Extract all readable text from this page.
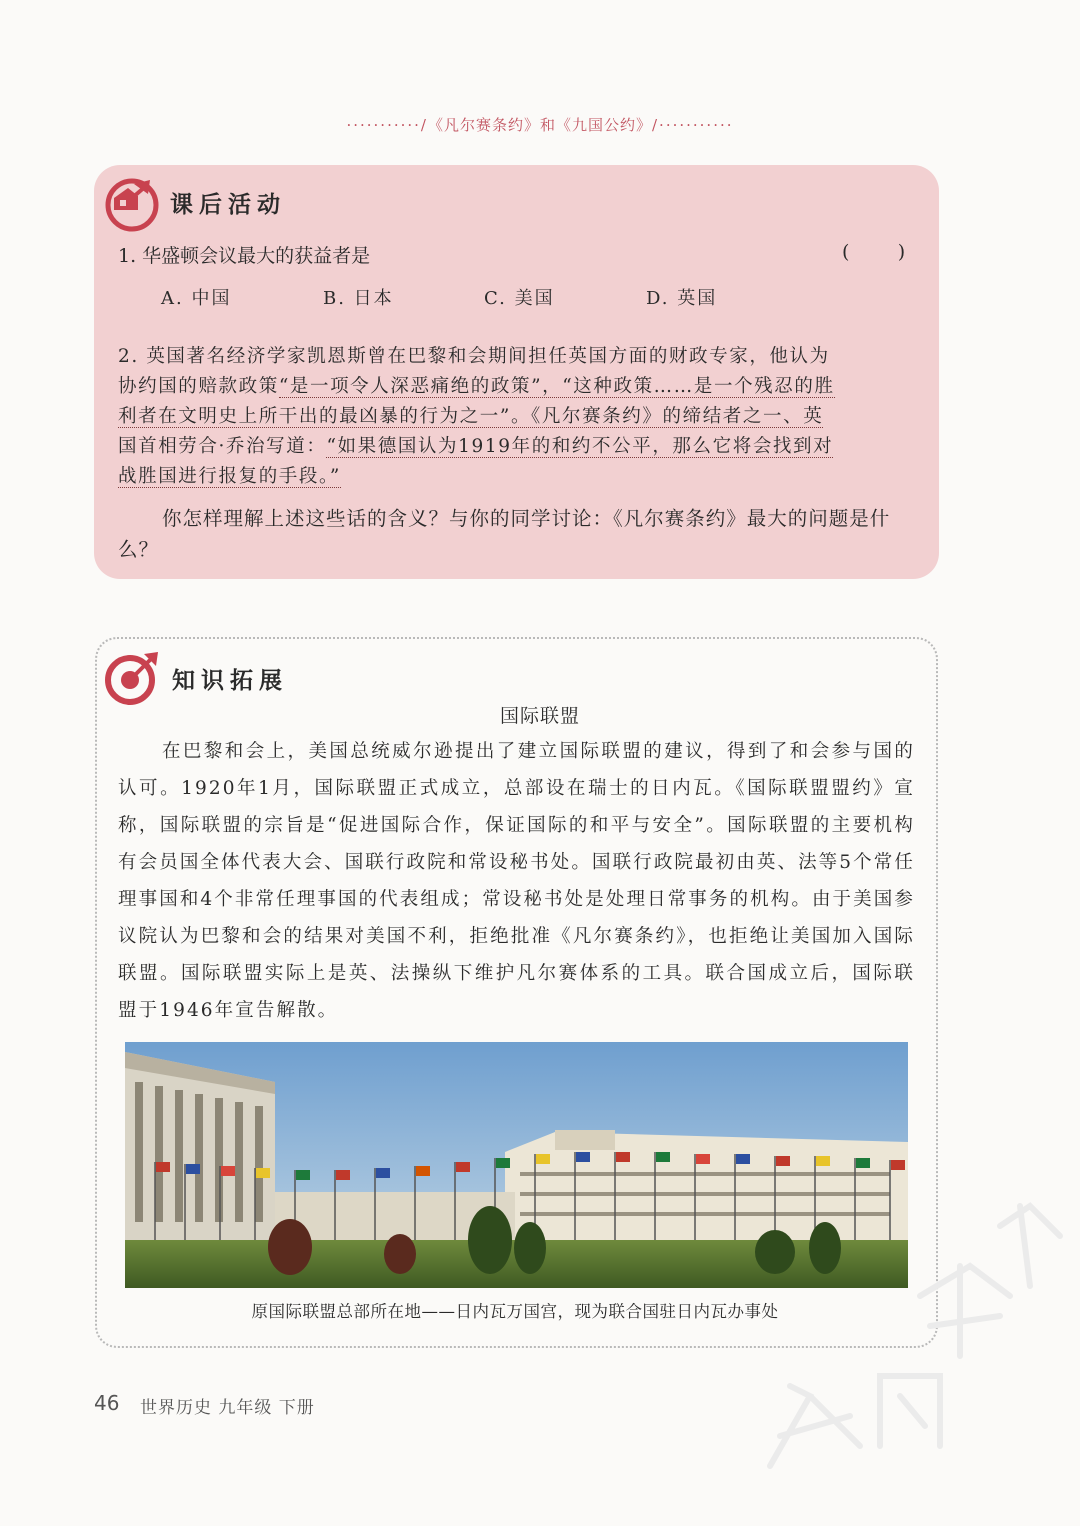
···········/《凡尔赛条约》和《九国公约》/···········
课后活动
1. 华盛顿会议最大的获益者是	(        )
A. 中国	B. 日本	C. 美国	D. 英国
2. 英国著名经济学家凯恩斯曾在巴黎和会期间担任英国方面的财政专家，他认为
协约国的赔款政策“是一项令人深恶痛绝的政策”，“这种政策……是一个残忍的胜
利者在文明史上所干出的最凶暴的行为之一”。《凡尔赛条约》的缔结者之一、英
国首相劳合·乔治写道：“如果德国认为1919年的和约不公平，那么它将会找到对
战胜国进行报复的手段。”
你怎样理解上述这些话的含义？与你的同学讨论：《凡尔赛条约》最大的问题是什么？
知识拓展
国际联盟
在巴黎和会上，美国总统威尔逊提出了建立国际联盟的建议，得到了和会参与国的认可。1920年1月，国际联盟正式成立，总部设在瑞士的日内瓦。《国际联盟盟约》宣称，国际联盟的宗旨是“促进国际合作，保证国际的和平与安全”。国际联盟的主要机构有会员国全体代表大会、国联行政院和常设秘书处。国联行政院最初由英、法等5个常任理事国和4个非常任理事国的代表组成；常设秘书处是处理日常事务的机构。由于美国参议院认为巴黎和会的结果对美国不利，拒绝批准《凡尔赛条约》，也拒绝让美国加入国际联盟。国际联盟实际上是英、法操纵下维护凡尔赛体系的工具。联合国成立后，国际联盟于1946年宣告解散。
原国际联盟总部所在地——日内瓦万国宫，现为联合国驻日内瓦办事处
46 世界历史 九年级 下册
